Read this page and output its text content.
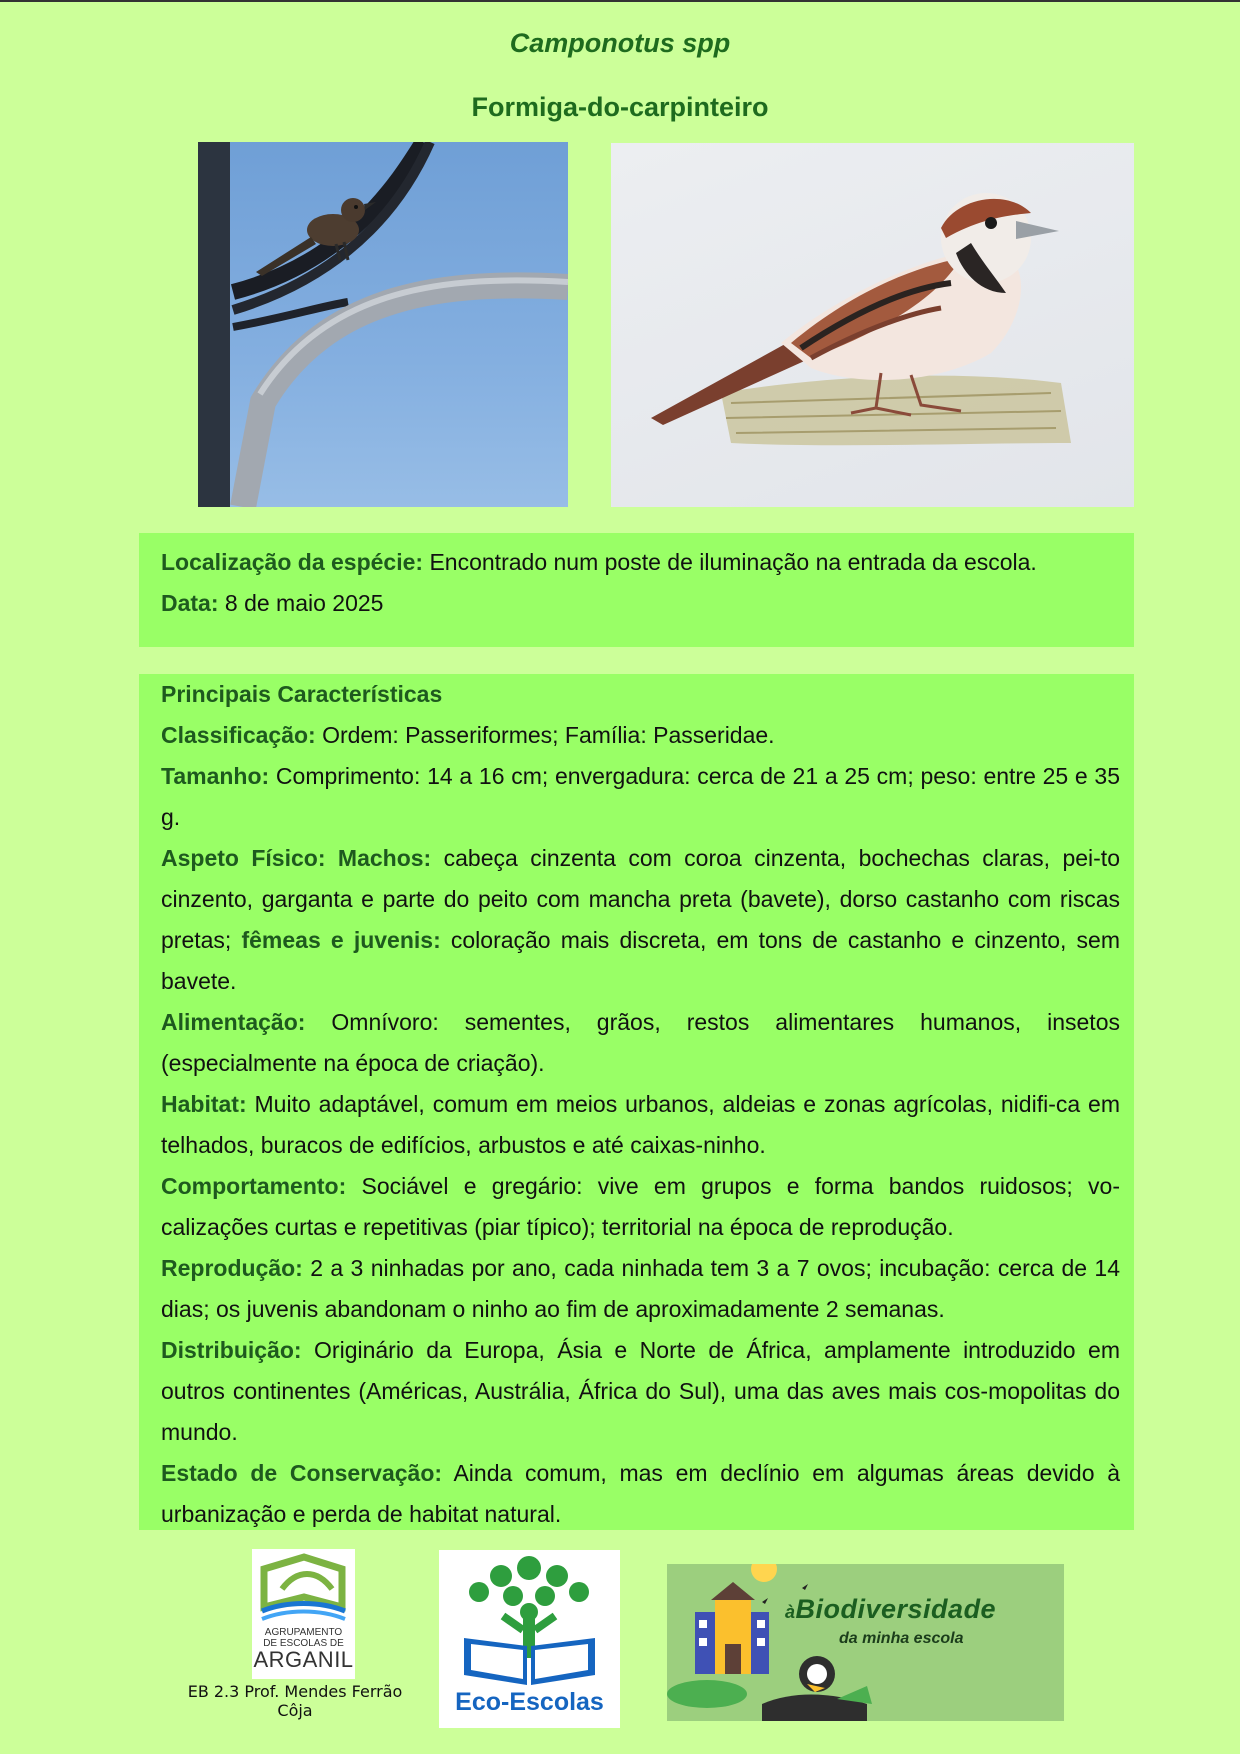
Camponotus spp
Formiga-do-carpinteiro

Localização da espécie: Encontrado num poste de iluminação na entrada da escola.

Data: 8 de maio 2025

Principais Características

Classificação: Ordem: Passeriformes; Família: Passeridae.

Tamanho: Comprimento: 14 a 16 cm; envergadura: cerca de 21 a 25 cm; peso: entre 25 e 35 g.

Aspeto Físico: Machos: cabeça cinzenta com coroa cinzenta, bochechas claras, pei-to cinzento, garganta e parte do peito com mancha preta (bavete), dorso castanho com riscas pretas; fêmeas e juvenis: coloração mais discreta, em tons de castanho e cinzento, sem bavete.

Alimentação: Omnívoro: sementes, grãos, restos alimentares humanos, insetos (especialmente na época de criação).

Habitat: Muito adaptável, comum em meios urbanos, aldeias e zonas agrícolas, nidifi-ca em telhados, buracos de edifícios, arbustos e até caixas-ninho.

Comportamento: Sociável e gregário: vive em grupos e forma bandos ruidosos; vo-calizações curtas e repetitivas (piar típico); territorial na época de reprodução.

Reprodução: 2 a 3 ninhadas por ano, cada ninhada tem 3 a 7 ovos; incubação: cerca de 14 dias; os juvenis abandonam o ninho ao fim de aproximadamente 2 semanas.

Distribuição: Originário da Europa, Ásia e Norte de África, amplamente introduzido em outros continentes (Américas, Austrália, África do Sul), uma das aves mais cos-mopolitas do mundo.

Estado de Conservação: Ainda comum, mas em declínio em algumas áreas devido à urbanização e perda de habitat natural.

AGRUPAMENTO
DE ESCOLAS DE
ARGANIL
EB 2.3 Prof. Mendes Ferrão
Côja	Eco-Escolas
àBiodiversidade
da minha escola
